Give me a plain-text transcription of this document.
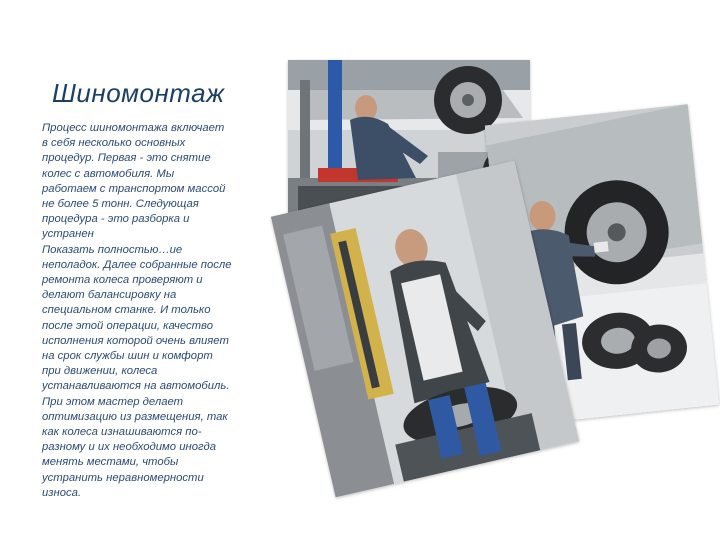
Шиномонтаж
Процесс шиномонтажа включает
в себя несколько основных
процедур. Первая - это снятие
колес с автомобиля. Мы
работаем с транспортом массой
не более 5 тонн. Следующая
процедура - это разборка и
устранен
Показать полностью…ие
неполадок. Далее собранные после
ремонта колеса проверяют и
делают балансировку на
специальном станке. И только
после этой операции, качество
исполнения которой очень влияет
на срок службы шин и комфорт
при движении, колеса
устанавливаются на автомобиль.
При этом мастер делает
оптимизацию из размещения, так
как колеса изнашиваются по-
разному и их необходимо иногда
менять местами, чтобы
устранить неравномерности
износа.
